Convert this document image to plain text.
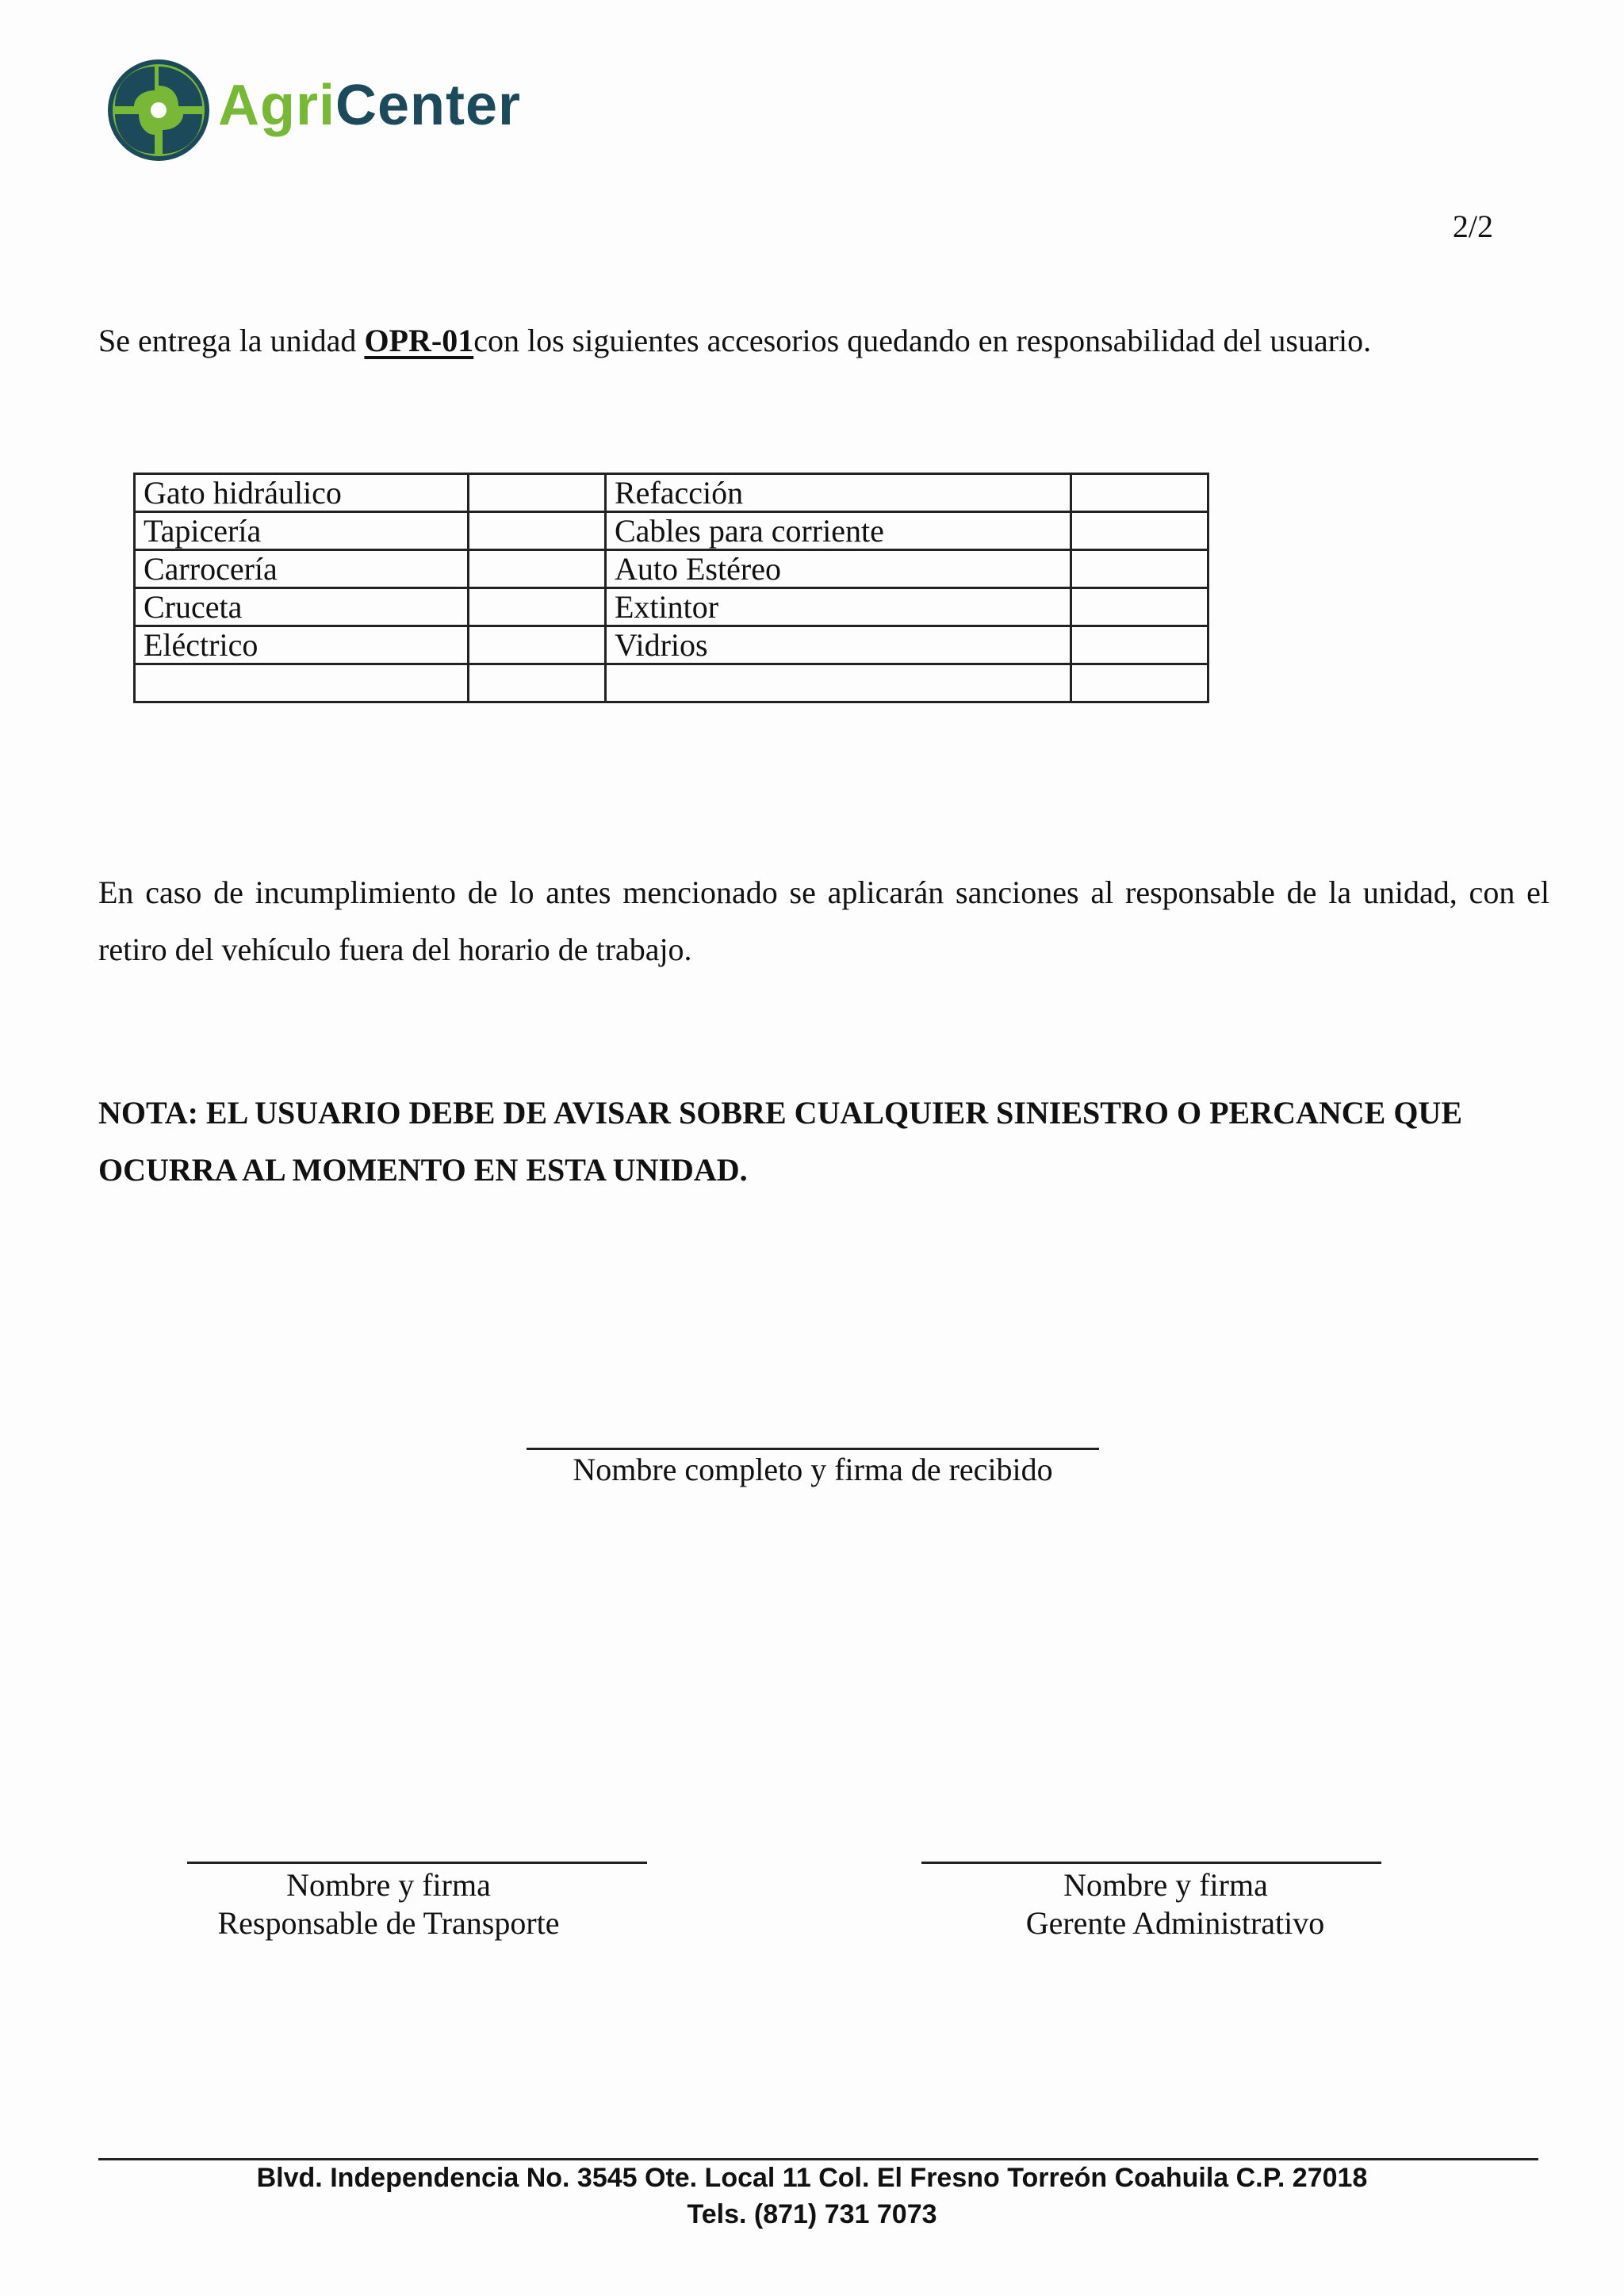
AgriCenter
2/2
Se entrega la unidad OPR-01con los siguientes accesorios quedando en responsabilidad del usuario.
Gato hidráulico		Refacción	
Tapicería		Cables para corriente	
Carrocería		Auto Estéreo	
Cruceta		Extintor	
Eléctrico		Vidrios	

En caso de incumplimiento de lo antes mencionado se aplicarán sanciones al responsable de la unidad, con el retiro del vehículo fuera del horario de trabajo.
NOTA: EL USUARIO DEBE DE AVISAR SOBRE CUALQUIER SINIESTRO O PERCANCE QUE OCURRA AL MOMENTO EN ESTA UNIDAD.
Nombre completo y firma de recibido
Nombre y firma
Responsable de Transporte
Nombre y firma
Gerente Administrativo
Blvd. Independencia No. 3545 Ote. Local 11 Col. El Fresno Torreón Coahuila C.P. 27018
Tels. (871) 731 7073
